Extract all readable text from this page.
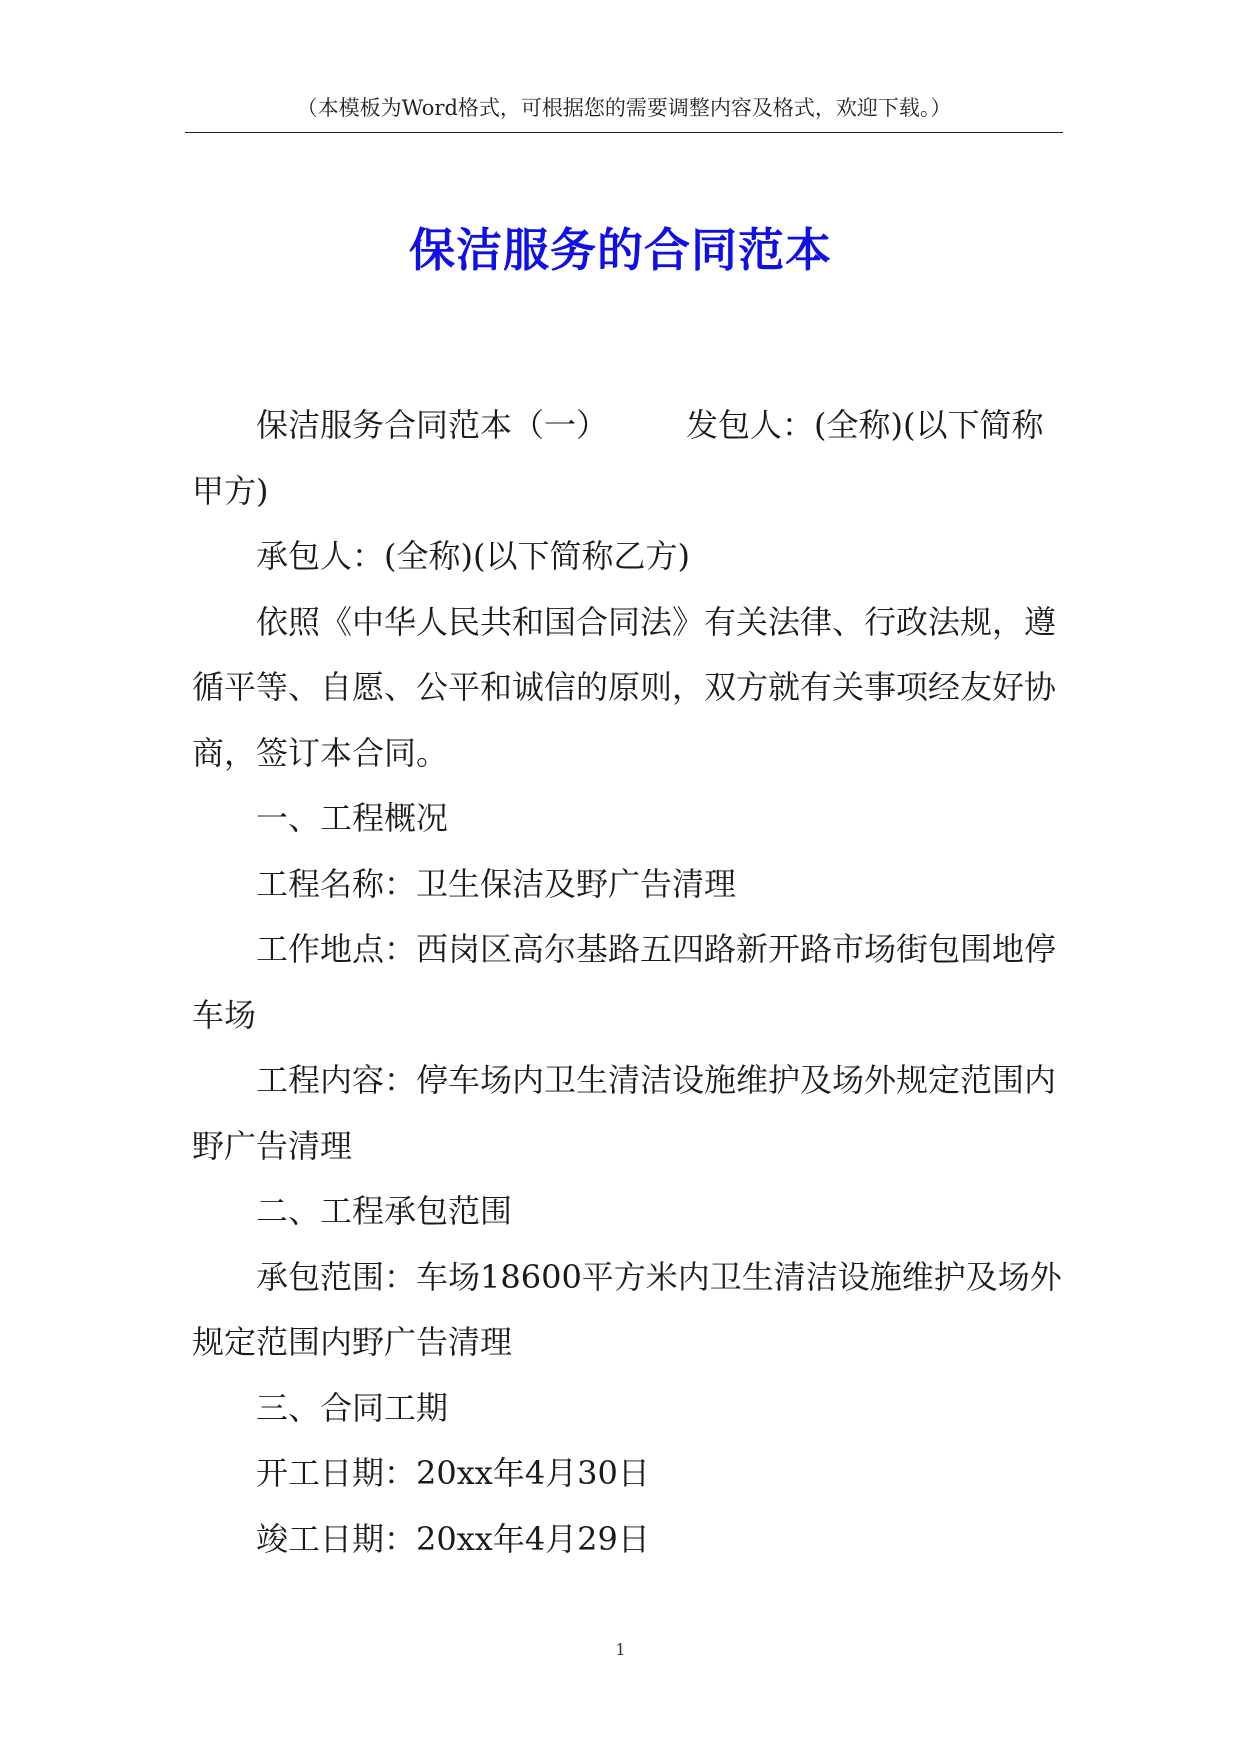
（本模板为Word格式，可根据您的需要调整内容及格式，欢迎下载。）
保洁服务的合同范本

保洁服务合同范本（一） 发包人：(全称)(以下简称甲方)

承包人：(全称)(以下简称乙方)

依照《中华人民共和国合同法》有关法律、行政法规，遵循平等、自愿、公平和诚信的原则，双方就有关事项经友好协商，签订本合同。

一、工程概况

工程名称：卫生保洁及野广告清理

工作地点：西岗区高尔基路五四路新开路市场街包围地停车场

工程内容：停车场内卫生清洁设施维护及场外规定范围内野广告清理

二、工程承包范围

承包范围：车场18600平方米内卫生清洁设施维护及场外规定范围内野广告清理

三、合同工期

开工日期：20xx年4月30日

竣工日期：20xx年4月29日

1
